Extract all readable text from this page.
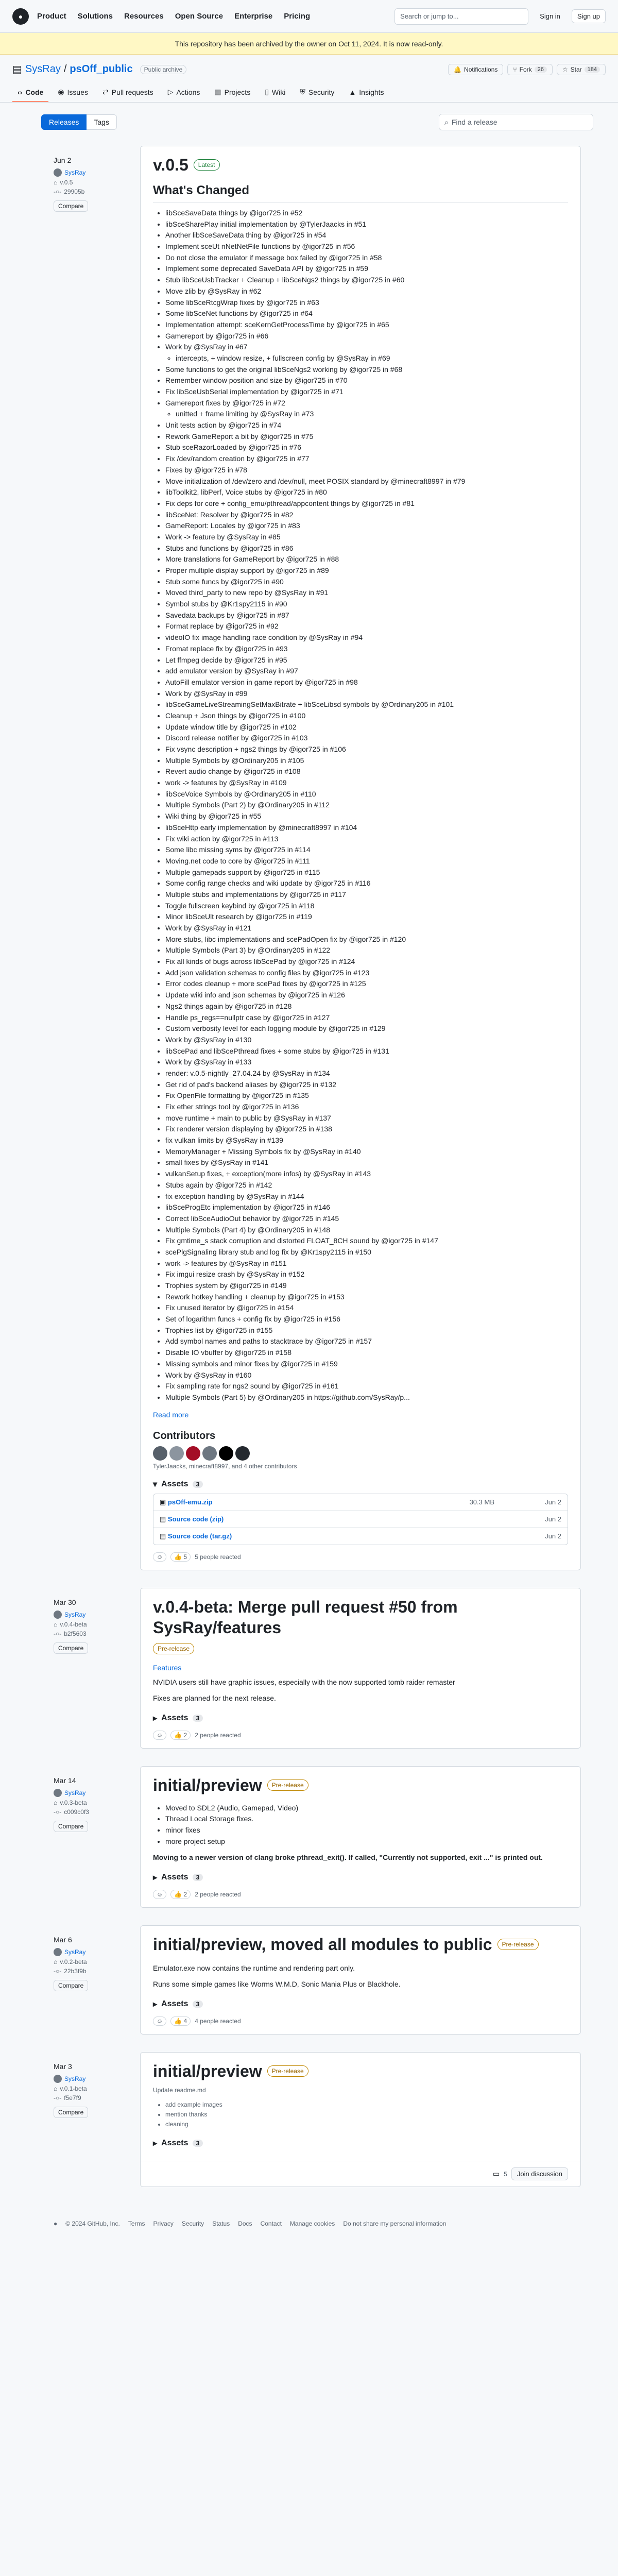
●	Product Solutions Resources Open Source Enterprise Pricing	Search or jump to...	Sign in	Sign up
This repository has been archived by the owner on Oct 11, 2024. It is now read-only.
▤ SysRay / psOff_public	Public archive	🔔 Notifications	⑂ Fork	26	☆ Star	184
‹› Code ◉ Issues ⇄ Pull requests ▷ Actions ▦ Projects ▯ Wiki ⛨ Security ▲ Insights
Releases	Tags	⌕ Find a release
Jun 2
SysRay
⌂ v.0.5
-○- 29905b
Compare
v.0.5	Latest
What's Changed
• libSceSaveData things by @igor725 in #52
• libSceSharePlay initial implementation by @TylerJaacks in #51
• Another libSceSaveData thing by @igor725 in #54
• Implement sceUt nNetNetFile functions by @igor725 in #56
• Do not close the emulator if message box failed by @igor725 in #58
• Implement some deprecated SaveData API by @igor725 in #59
• Stub libSceUsbTracker + Cleanup + libSceNgs2 things by @igor725 in #60
• Move zlib by @SysRay in #62
• Some libSceRtcgWrap fixes by @igor725 in #63
• Some libSceNet functions by @igor725 in #64
• Implementation attempt: sceKernGetProcessTime by @igor725 in #65
• Gamereport by @igor725 in #66
• Work by @SysRay in #67
◦ intercepts, + window resize, + fullscreen config by @SysRay in #69
• Some functions to get the original libSceNgs2 working by @igor725 in #68
• Remember window position and size by @igor725 in #70
• Fix libSceUsbSerial implementation by @igor725 in #71
• Gamereport fixes by @igor725 in #72
◦ unitted + frame limiting by @SysRay in #73
• Unit tests action by @igor725 in #74
• Rework GameReport a bit by @igor725 in #75
• Stub sceRazorLoaded by @igor725 in #76
• Fix /dev/random creation by @igor725 in #77
• Fixes by @igor725 in #78
• Move initialization of /dev/zero and /dev/null, meet POSIX standard by @minecraft8997 in #79
• libToolkit2, libPerf, Voice stubs by @igor725 in #80
• Fix deps for core + config_emu/pthread/appcontent things by @igor725 in #81
• libSceNet: Resolver by @igor725 in #82
• GameReport: Locales by @igor725 in #83
• Work -> feature by @SysRay in #85
• Stubs and functions by @igor725 in #86
• More translations for GameReport by @igor725 in #88
• Proper multiple display support by @igor725 in #89
• Stub some funcs by @igor725 in #90
• Moved third_party to new repo by @SysRay in #91
• Symbol stubs by @Kr1spy2115 in #90
• Savedata backups by @igor725 in #87
• Format replace by @igor725 in #92
• videoIO fix image handling race condition by @SysRay in #94
• Fromat replace fix by @igor725 in #93
• Let ffmpeg decide by @igor725 in #95
• add emulator version by @SysRay in #97
• AutoFill emulator version in game report by @igor725 in #98
• Work by @SysRay in #99
• libSceGameLiveStreamingSetMaxBitrate + libSceLibsd symbols by @Ordinary205 in #101
• Cleanup + Json things by @igor725 in #100
• Update window title by @igor725 in #102
• Discord release notifier by @igor725 in #103
• Fix vsync description + ngs2 things by @igor725 in #106
• Multiple Symbols by @Ordinary205 in #105
• Revert audio change by @igor725 in #108
• work -> features by @SysRay in #109
• libSceVoice Symbols by @Ordinary205 in #110
• Multiple Symbols (Part 2) by @Ordinary205 in #112
• Wiki thing by @igor725 in #55
• libSceHttp early implementation by @minecraft8997 in #104
• Fix wiki action by @igor725 in #113
• Some libc missing syms by @igor725 in #114
• Moving.net code to core by @igor725 in #111
• Multiple gamepads support by @igor725 in #115
• Some config range checks and wiki update by @igor725 in #116
• Multiple stubs and implementations by @igor725 in #117
• Toggle fullscreen keybind by @igor725 in #118
• Minor libSceUlt research by @igor725 in #119
• Work by @SysRay in #121
• More stubs, libc implementations and scePadOpen fix by @igor725 in #120
• Multiple Symbols (Part 3) by @Ordinary205 in #122
• Fix all kinds of bugs across libScePad by @igor725 in #124
• Add json validation schemas to config files by @igor725 in #123
• Error codes cleanup + more scePad fixes by @igor725 in #125
• Update wiki info and json schemas by @igor725 in #126
• Ngs2 things again by @igor725 in #128
• Handle ps_regs==nullptr case by @igor725 in #127
• Custom verbosity level for each logging module by @igor725 in #129
• Work by @SysRay in #130
• libScePad and libScePthread fixes + some stubs by @igor725 in #131
• Work by @SysRay in #133
• render: v.0.5-nightly_27.04.24 by @SysRay in #134
• Get rid of pad's backend aliases by @igor725 in #132
• Fix OpenFile formatting by @igor725 in #135
• Fix ether strings tool by @igor725 in #136
• move runtime + main to public by @SysRay in #137
• Fix renderer version displaying by @igor725 in #138
• fix vulkan limits by @SysRay in #139
• MemoryManager + Missing Symbols fix by @SysRay in #140
• small fixes by @SysRay in #141
• vulkanSetup fixes, + exception(more infos) by @SysRay in #143
• Stubs again by @igor725 in #142
• fix exception handling by @SysRay in #144
• libSceProgEtc implementation by @igor725 in #146
• Correct libSceAudioOut behavior by @igor725 in #145
• Multiple Symbols (Part 4) by @Ordinary205 in #148
• Fix gmtime_s stack corruption and distorted FLOAT_8CH sound by @igor725 in #147
• scePlgSignaling library stub and log fix by @Kr1spy2115 in #150
• work -> features by @SysRay in #151
• Fix imgui resize crash by @SysRay in #152
• Trophies system by @igor725 in #149
• Rework hotkey handling + cleanup by @igor725 in #153
• Fix unused iterator by @igor725 in #154
• Set of logarithm funcs + config fix by @igor725 in #156
• Trophies list by @igor725 in #155
• Add symbol names and paths to stacktrace by @igor725 in #157
• Disable IO vbuffer by @igor725 in #158
• Missing symbols and minor fixes by @igor725 in #159
• Work by @SysRay in #160
• Fix sampling rate for ngs2 sound by @igor725 in #161
• Multiple Symbols (Part 5) by @Ordinary205 in https://github.com/SysRay/p...
Read more
Contributors
TylerJaacks, minecraft8997, and 4 other contributors
▾ Assets	3
▣ psOff-emu.zip	30.3 MB	Jun 2
▤ Source code (zip)	Jun 2
▤ Source code (tar.gz)	Jun 2
☺	👍 5	5 people reacted
Mar 30
SysRay
⌂ v.0.4-beta
-○- b2f5603
Compare
v.0.4-beta: Merge pull request #50 from SysRay/features
Pre-release
Features

NVIDIA users still have graphic issues, especially with the now supported tomb raider remaster

Fixes are planned for the next release.

▸ Assets	3
☺	👍 2	2 people reacted
Mar 14
SysRay
⌂ v.0.3-beta
-○- c009c0f3
Compare
initial/preview	Pre-release
• Moved to SDL2 (Audio, Gamepad, Video)
• Thread Local Storage fixes.
• minor fixes
• more project setup

Moving to a newer version of clang broke pthread_exit(). If called, "Currently not supported, exit ..." is printed out.

▸ Assets	3
☺	👍 2	2 people reacted
Mar 6
SysRay
⌂ v.0.2-beta
-○- 22b3f9b
Compare
initial/preview, moved all modules to public	Pre-release

Emulator.exe now contains the runtime and rendering part only.

Runs some simple games like Worms W.M.D, Sonic Mania Plus or Blackhole.

▸ Assets	3
☺	👍 4	4 people reacted
Mar 3
SysRay
⌂ v.0.1-beta
-○- f5e7f9
Compare
initial/preview	Pre-release

Update readme.md

• add example images
• mention thanks
• cleaning
▸ Assets	3
▭ 5	Join discussion
● © 2024 GitHub, Inc. Terms Privacy Security Status Docs Contact Manage cookies Do not share my personal information
